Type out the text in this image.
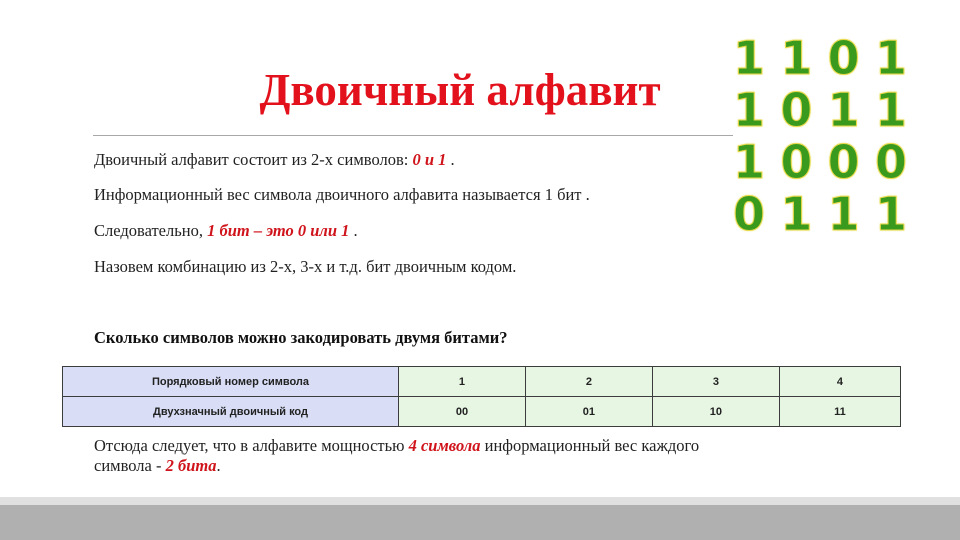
Двоичный алфавит
1 1 0 1
1 0 1 1
1 0 0 0
0 1 1 1

Двоичный алфавит состоит из 2-х символов: 0 и 1 .

Информационный вес символа двоичного алфавита называется 1 бит .

Следовательно, 1 бит – это 0 или 1 .

Назовем комбинацию из 2-х, 3-х и т.д. бит двоичным кодом.

Сколько символов можно закодировать двумя битами?

Порядковый номер символа	1	2	3	4
Двухзначный двоичный код	00	01	10	11

Отсюда следует, что в алфавите мощностью 4 символа информационный вес каждого
символа - 2 бита.
